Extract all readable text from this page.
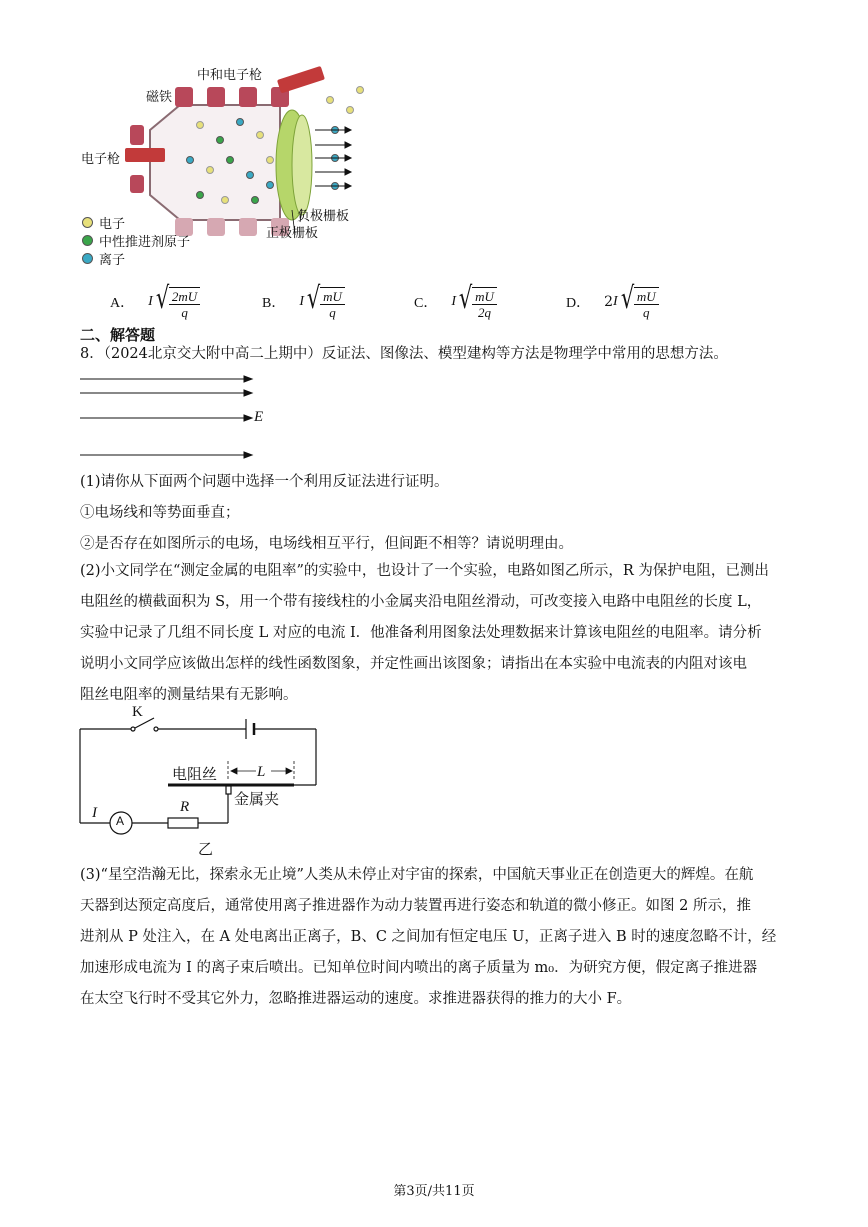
磁铁
中和电子枪
电子枪
负极栅板
正极栅板
电子
中性推进剂原子
离子
A． I √ $\frac{2mU}{q}$	B． I √ $\frac{mU}{q}$	C． I √ $\frac{mU}{2q}$	D． 2 I √ $\frac{mU}{q}$
二、解答题
8．（2024北京交大附中高二上期中）反证法、图像法、模型建构等方法是物理学中常用的思想方法。
E
(1)请你从下面两个问题中选择一个利用反证法进行证明。
①电场线和等势面垂直；
②是否存在如图所示的电场，电场线相互平行，但间距不相等？请说明理由。
(2)小文同学在“测定金属的电阻率”的实验中，也设计了一个实验，电路如图乙所示，R 为保护电阻，已测出
电阻丝的横截面积为 S，用一个带有接线柱的小金属夹沿电阻丝滑动，可改变接入电路中电阻丝的长度 L，
实验中记录了几组不同长度 L 对应的电流 I．他准备利用图象法处理数据来计算该电阻丝的电阻率。请分析
说明小文同学应该做出怎样的线性函数图象，并定性画出该图象；请指出在本实验中电流表的内阻对该电
阻丝电阻率的测量结果有无影响。
K
电阻丝	L
金属夹
I A
R
乙
(3)“星空浩瀚无比，探索永无止境”人类从未停止对宇宙的探索，中国航天事业正在创造更大的辉煌。在航
天器到达预定高度后，通常使用离子推进器作为动力装置再进行姿态和轨道的微小修正。如图 2 所示，推
进剂从 P 处注入，在 A 处电离出正离子，B、C 之间加有恒定电压 U，正离子进入 B 时的速度忽略不计，经
加速形成电流为 I 的离子束后喷出。已知单位时间内喷出的离子质量为 m₀．为研究方便，假定离子推进器
在太空飞行时不受其它外力，忽略推进器运动的速度。求推进器获得的推力的大小 F。
第3页/共11页
